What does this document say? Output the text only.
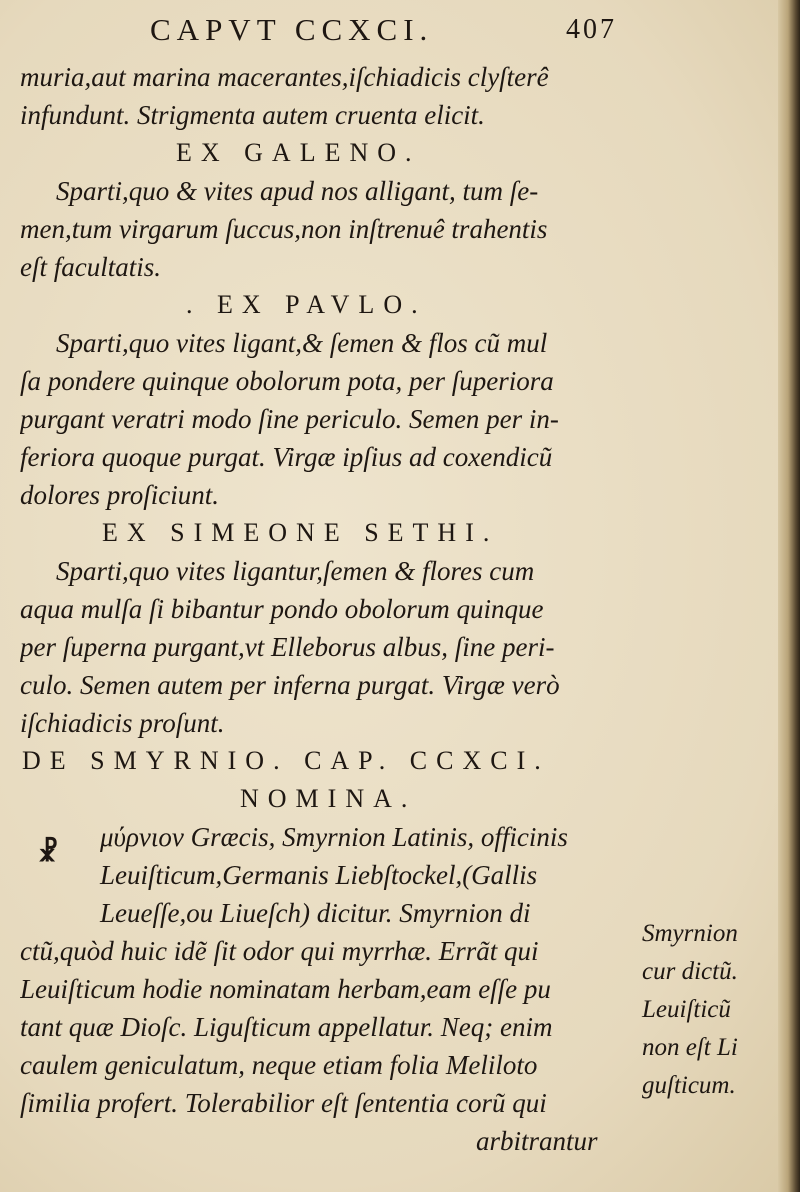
CAPVT CCXCI.	407
muria,aut marina macerantes,iſchiadicis clyſterê
infundunt. Strigmenta autem cruenta elicit.
EX GALENO.
Sparti,quo & vites apud nos alligant, tum ſe-
men,tum virgarum ſuccus,non inſtrenuê trahentis
eſt facultatis.
. EX PAVLO.
Sparti,quo vites ligant,& ſemen & flos cũ mul
ſa pondere quinque obolorum pota, per ſuperiora
purgant veratri modo ſine periculo. Semen per in-
feriora quoque purgat. Virgæ ipſius ad coxendicũ
dolores proſiciunt.
EX SIMEONE SETHI.
Sparti,quo vites ligantur,ſemen & flores cum
aqua mulſa ſi bibantur pondo obolorum quinque
per ſuperna purgant,vt Elleborus albus, ſine peri-
culo. Semen autem per inferna purgat. Virgæ verò
iſchiadicis proſunt.
DE SMYRNIO. CAP. CCXCI.
NOMINA.
μύρνιον Græcis, Smyrnion Latinis, officinis
Leuiſticum,Germanis Liebſtockel,(Gallis
Leueſſe,ou Liueſch) dicitur. Smyrnion di
ctũ,quòd huic idẽ ſit odor qui myrrhæ. Errãt qui
Leuiſticum hodie nominatam herbam,eam eſſe pu
tant quæ Dioſc. Liguſticum appellatur. Neq; enim
caulem geniculatum, neque etiam folia Meliloto
ſimilia profert. Tolerabilior eſt ſententia corũ qui
arbitrantur
☧
Smyrnion
cur dictũ.
Leuiſticũ
non eſt Li
guſticum.
